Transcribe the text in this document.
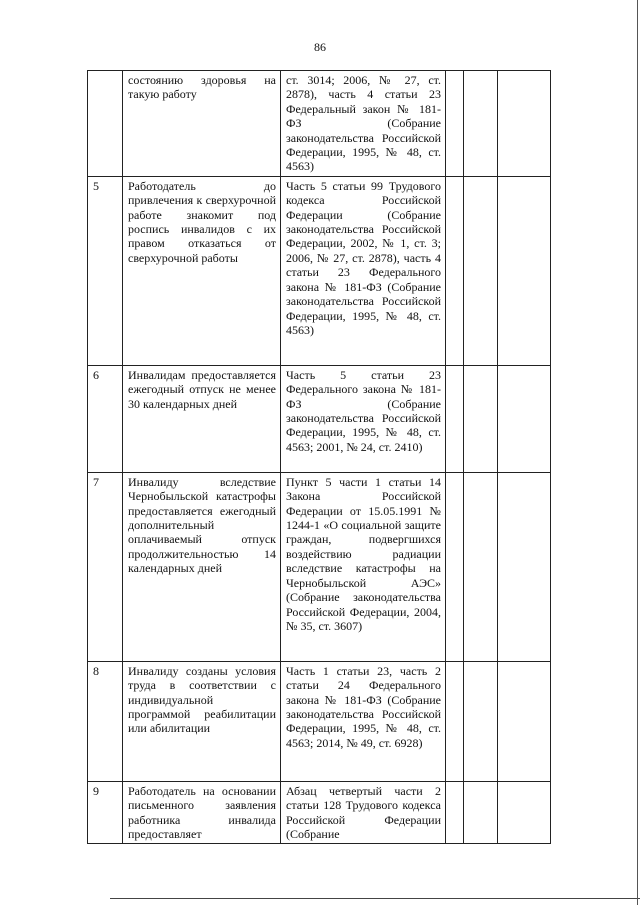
86
	состоянию здоровья на такую работу	ст. 3014; 2006, № 27, ст. 2878), часть 4 статьи 23 Федеральный закон № 181-ФЗ (Собрание законодательства Российской Федерации, 1995, № 48, ст. 4563)			
5	Работодатель до привлечения к сверхурочной работе знакомит под роспись инвалидов с их правом отказаться от сверхурочной работы	Часть 5 статьи 99 Трудового кодекса Российской Федерации (Собрание законодательства Российской Федерации, 2002, № 1, ст. 3; 2006, № 27, ст. 2878), часть 4 статьи 23 Федерального закона № 181-ФЗ (Собрание законодательства Российской Федерации, 1995, № 48, ст. 4563)			
6	Инвалидам предоставляется ежегодный отпуск не менее 30 календарных дней	Часть 5 статьи 23 Федерального закона № 181-ФЗ (Собрание законодательства Российской Федерации, 1995, № 48, ст. 4563; 2001, № 24, ст. 2410)			
7	Инвалиду вследствие Чернобыльской катастрофы предоставляется ежегодный дополнительный оплачиваемый отпуск продолжительностью 14 календарных дней	Пункт 5 части 1 статьи 14 Закона Российской Федерации от 15.05.1991 № 1244-1 «О социальной защите граждан, подвергшихся воздействию радиации вследствие катастрофы на Чернобыльской АЭС» (Собрание законодательства Российской Федерации, 2004, № 35, ст. 3607)			
8	Инвалиду созданы условия труда в соответствии с индивидуальной программой реабилитации или абилитации	Часть 1 статьи 23, часть 2 статьи 24 Федерального закона № 181-ФЗ (Собрание законодательства Российской Федерации, 1995, № 48, ст. 4563; 2014, № 49, ст. 6928)			
9	Работодатель на основании письменного заявления работника инвалида предоставляет	Абзац четвертый части 2 статьи 128 Трудового кодекса Российской Федерации (Собрание			
